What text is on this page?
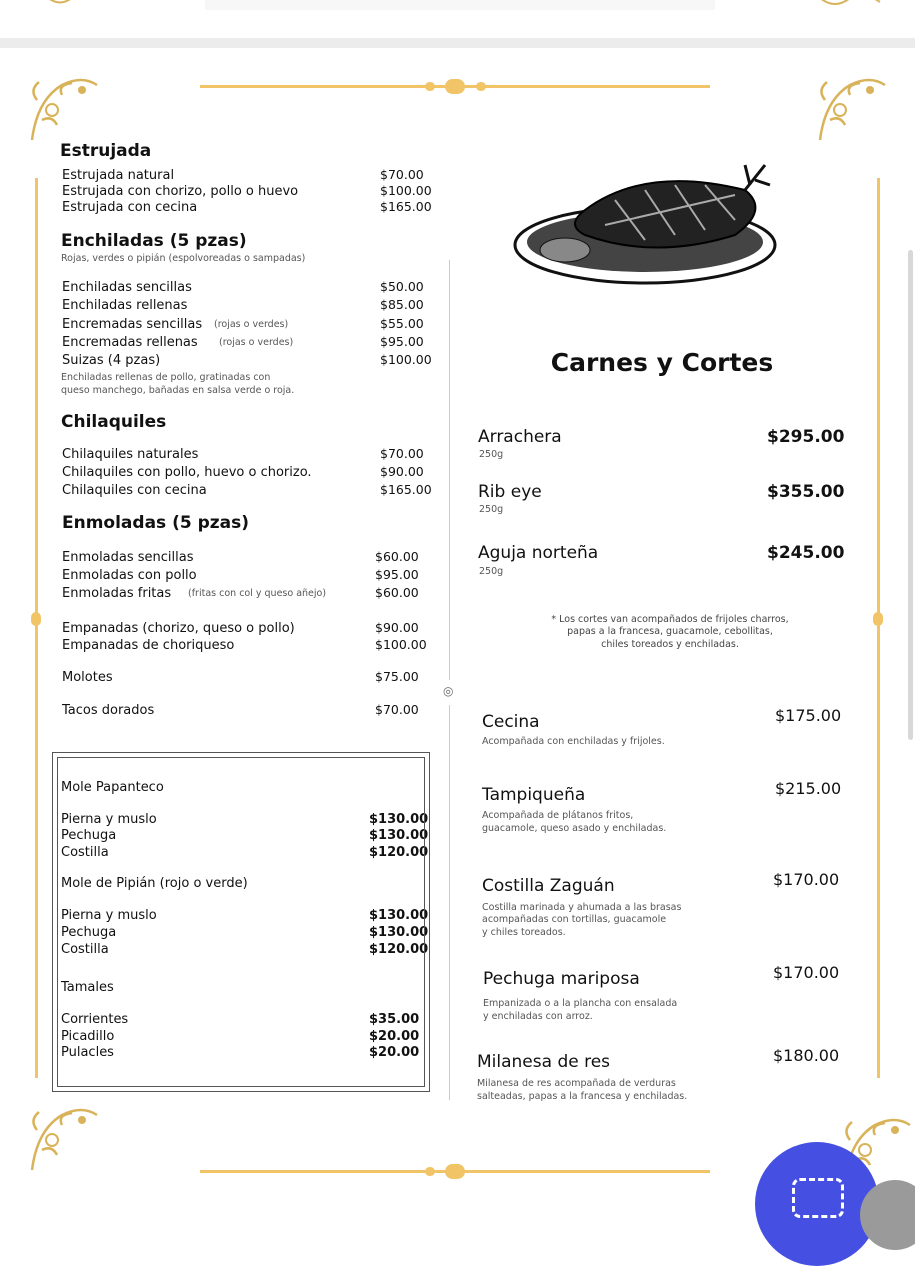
◎
Estrujada
Estrujada natural	$70.00
Estrujada con chorizo, pollo o huevo	$100.00
Estrujada con cecina	$165.00
Enchiladas (5 pzas)
Rojas, verdes o pipián (espolvoreadas o sampadas)
Enchiladas sencillas	$50.00
Enchiladas rellenas	$85.00
Encremadas sencillas	$55.00
(rojas o verdes)
Encremadas rellenas	$95.00
(rojas o verdes)
Suizas (4 pzas)	$100.00
Enchiladas rellenas de pollo, gratinadas con
queso manchego, bañadas en salsa verde o roja.
Chilaquiles
Chilaquiles naturales	$70.00
Chilaquiles con pollo, huevo o chorizo.	$90.00
Chilaquiles con cecina	$165.00
Enmoladas (5 pzas)
Enmoladas sencillas	$60.00
Enmoladas con pollo	$95.00
Enmoladas fritas	$60.00
(fritas con col y queso añejo)
Empanadas (chorizo, queso o pollo)	$90.00
Empanadas de choriqueso	$100.00
Molotes	$75.00
Tacos dorados	$70.00
Mole Papanteco
Pierna y muslo	$130.00
Pechuga	$130.00
Costilla	$120.00
Mole de Pipián (rojo o verde)
Pierna y muslo	$130.00
Pechuga	$130.00
Costilla	$120.00
Tamales
Corrientes	$35.00
Picadillo	$20.00
Pulacles	$20.00
Carnes y Cortes
Arrachera	$295.00
250g
Rib eye	$355.00
250g
Aguja norteña	$245.00
250g
* Los cortes van acompañados de frijoles charros,
papas a la francesa, guacamole, cebollitas,
chiles toreados y enchiladas.
Cecina	$175.00
Acompañada con enchiladas y frijoles.
Tampiqueña	$215.00
Acompañada de plátanos fritos,
guacamole, queso asado y enchiladas.
Costilla Zaguán	$170.00
Costilla marinada y ahumada a las brasas
acompañadas con tortillas, guacamole
y chiles toreados.
Pechuga mariposa	$170.00
Empanizada o a la plancha con ensalada
y enchiladas con arroz.
Milanesa de res	$180.00
Milanesa de res acompañada de verduras
salteadas, papas a la francesa y enchiladas.
